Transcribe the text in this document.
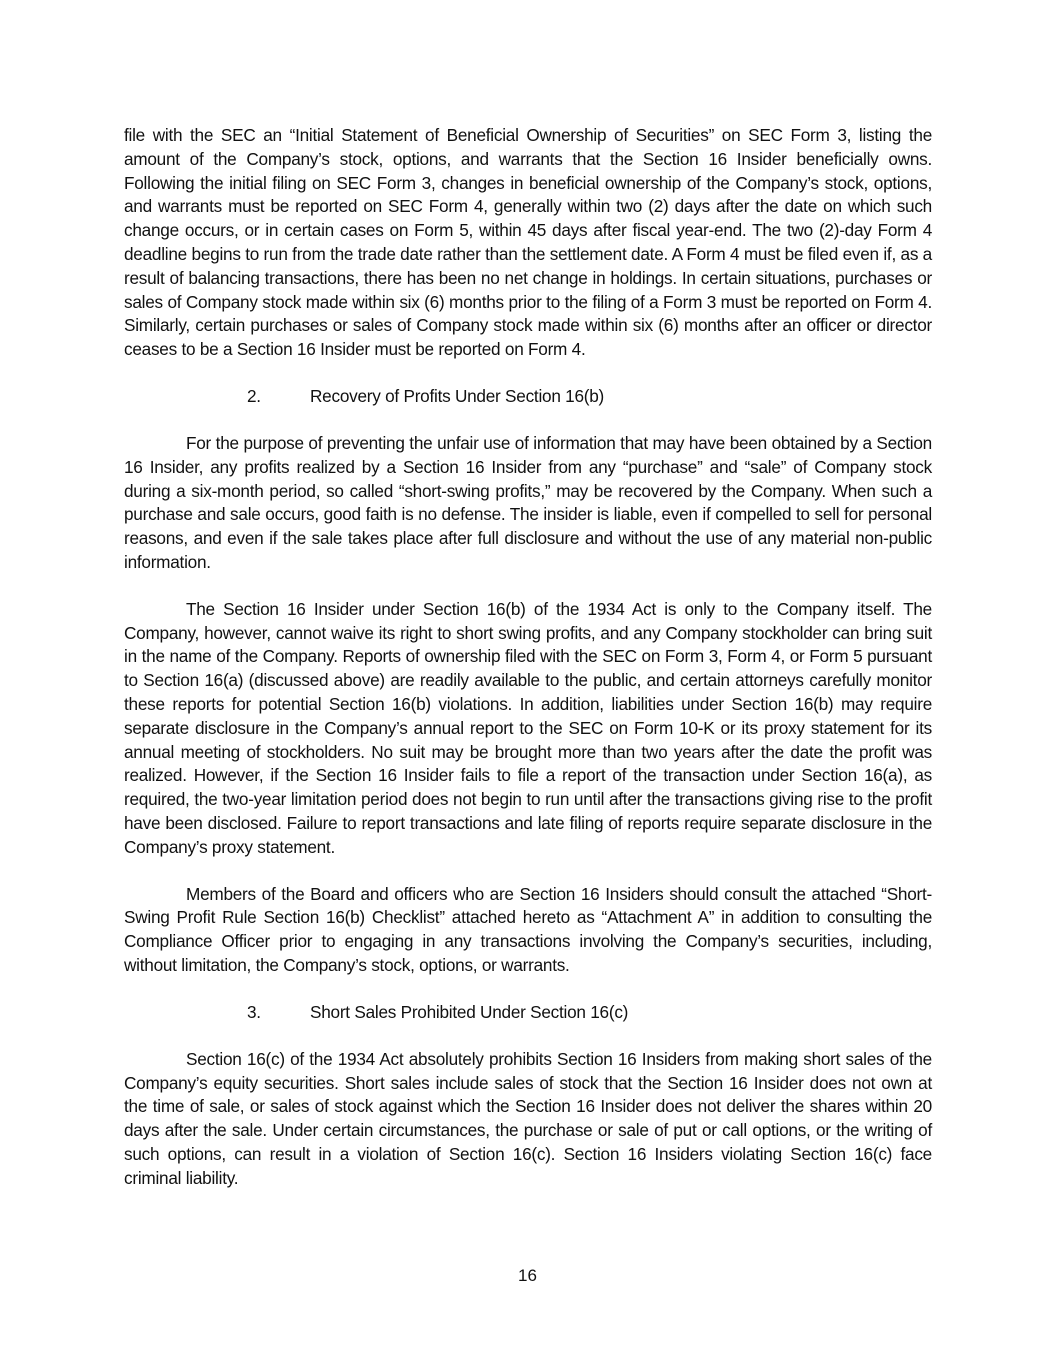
file with the SEC an “Initial Statement of Beneficial Ownership of Securities” on SEC Form 3, listing the amount of the Company’s stock, options, and warrants that the Section 16 Insider beneficially owns. Following the initial filing on SEC Form 3, changes in beneficial ownership of the Company’s stock, options, and warrants must be reported on SEC Form 4, generally within two (2) days after the date on which such change occurs, or in certain cases on Form 5, within 45 days after fiscal year-end. The two (2)-day Form 4 deadline begins to run from the trade date rather than the settlement date. A Form 4 must be filed even if, as a result of balancing transactions, there has been no net change in holdings. In certain situations, purchases or sales of Company stock made within six (6) months prior to the filing of a Form 3 must be reported on Form 4. Similarly, certain purchases or sales of Company stock made within six (6) months after an officer or director ceases to be a Section 16 Insider must be reported on Form 4.

2.	Recovery of Profits Under Section 16(b)

For the purpose of preventing the unfair use of information that may have been obtained by a Section 16 Insider, any profits realized by a Section 16 Insider from any “purchase” and “sale” of Company stock during a six-month period, so called “short-swing profits,” may be recovered by the Company. When such a purchase and sale occurs, good faith is no defense. The insider is liable, even if compelled to sell for personal reasons, and even if the sale takes place after full disclosure and without the use of any material non-public information.

The Section 16 Insider under Section 16(b) of the 1934 Act is only to the Company itself. The Company, however, cannot waive its right to short swing profits, and any Company stockholder can bring suit in the name of the Company. Reports of ownership filed with the SEC on Form 3, Form 4, or Form 5 pursuant to Section 16(a) (discussed above) are readily available to the public, and certain attorneys carefully monitor these reports for potential Section 16(b) violations. In addition, liabilities under Section 16(b) may require separate disclosure in the Company’s annual report to the SEC on Form 10-K or its proxy statement for its annual meeting of stockholders. No suit may be brought more than two years after the date the profit was realized. However, if the Section 16 Insider fails to file a report of the transaction under Section 16(a), as required, the two-year limitation period does not begin to run until after the transactions giving rise to the profit have been disclosed. Failure to report transactions and late filing of reports require separate disclosure in the Company’s proxy statement.

Members of the Board and officers who are Section 16 Insiders should consult the attached “Short-Swing Profit Rule Section 16(b) Checklist” attached hereto as “Attachment A” in addition to consulting the Compliance Officer prior to engaging in any transactions involving the Company’s securities, including, without limitation, the Company’s stock, options, or warrants.

3.	Short Sales Prohibited Under Section 16(c)

Section 16(c) of the 1934 Act absolutely prohibits Section 16 Insiders from making short sales of the Company’s equity securities. Short sales include sales of stock that the Section 16 Insider does not own at the time of sale, or sales of stock against which the Section 16 Insider does not deliver the shares within 20 days after the sale. Under certain circumstances, the purchase or sale of put or call options, or the writing of such options, can result in a violation of Section 16(c). Section 16 Insiders violating Section 16(c) face criminal liability.

16
